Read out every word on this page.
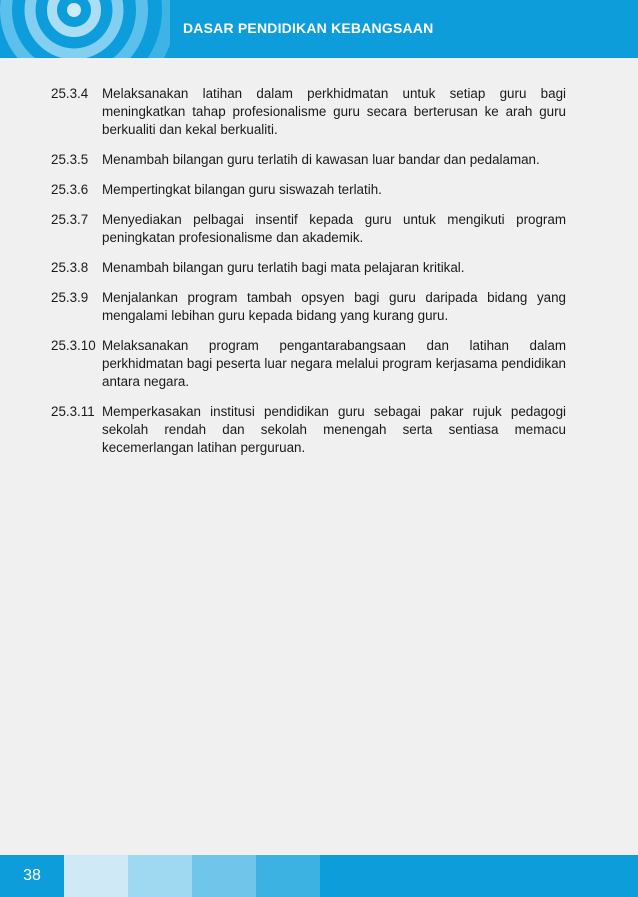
DASAR PENDIDIKAN KEBANGSAAN
25.3.4	Melaksanakan latihan dalam perkhidmatan untuk setiap guru bagi meningkatkan tahap profesionalisme guru secara berterusan ke arah guru berkualiti dan kekal berkualiti.
25.3.5	Menambah bilangan guru terlatih di kawasan luar bandar dan pedalaman.
25.3.6	Mempertingkat bilangan guru siswazah terlatih.
25.3.7	Menyediakan pelbagai insentif kepada guru untuk mengikuti program peningkatan profesionalisme dan akademik.
25.3.8	Menambah bilangan guru terlatih bagi mata pelajaran kritikal.
25.3.9	Menjalankan program tambah opsyen bagi guru daripada bidang yang mengalami lebihan guru kepada bidang yang kurang guru.
25.3.10 Melaksanakan program pengantarabangsaan dan latihan dalam perkhidmatan bagi peserta luar negara melalui program kerjasama pendidikan antara negara.
25.3.11 Memperkasakan institusi pendidikan guru sebagai pakar rujuk pedagogi sekolah rendah dan sekolah menengah serta sentiasa memacu kecemerlangan latihan perguruan.
38
